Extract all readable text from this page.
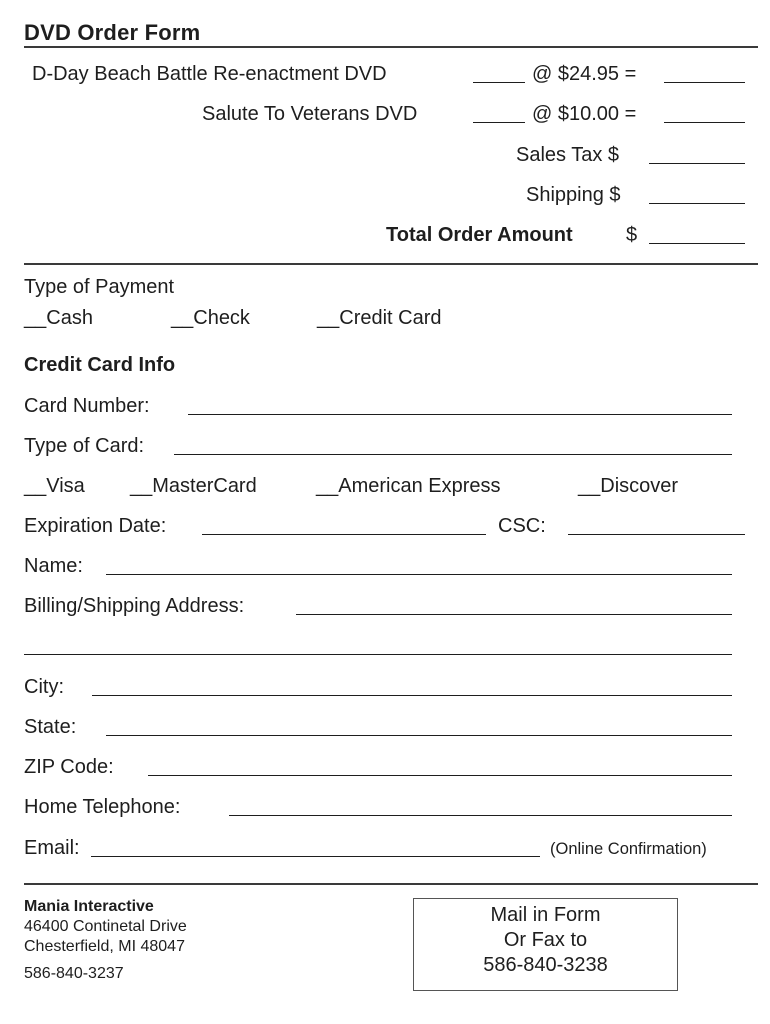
DVD Order Form
D-Day Beach Battle Re-enactment DVD	@ $24.95 =
Salute To Veterans DVD	@ $10.00 =
Sales Tax $
Shipping $
Total Order Amount	$
Type of Payment
__Cash	__Check	__Credit Card
Credit Card Info
Card Number:
Type of Card:
__Visa __MasterCard	__American Express	__Discover
Expiration Date:	CSC:
Name:
Billing/Shipping Address:
City:
State:
ZIP Code:
Home Telephone:
Email:	(Online Confirmation)
Mania Interactive
46400 Continetal Drive
Chesterfield, MI 48047
586-840-3237
Mail in Form
Or Fax to
586-840-3238
